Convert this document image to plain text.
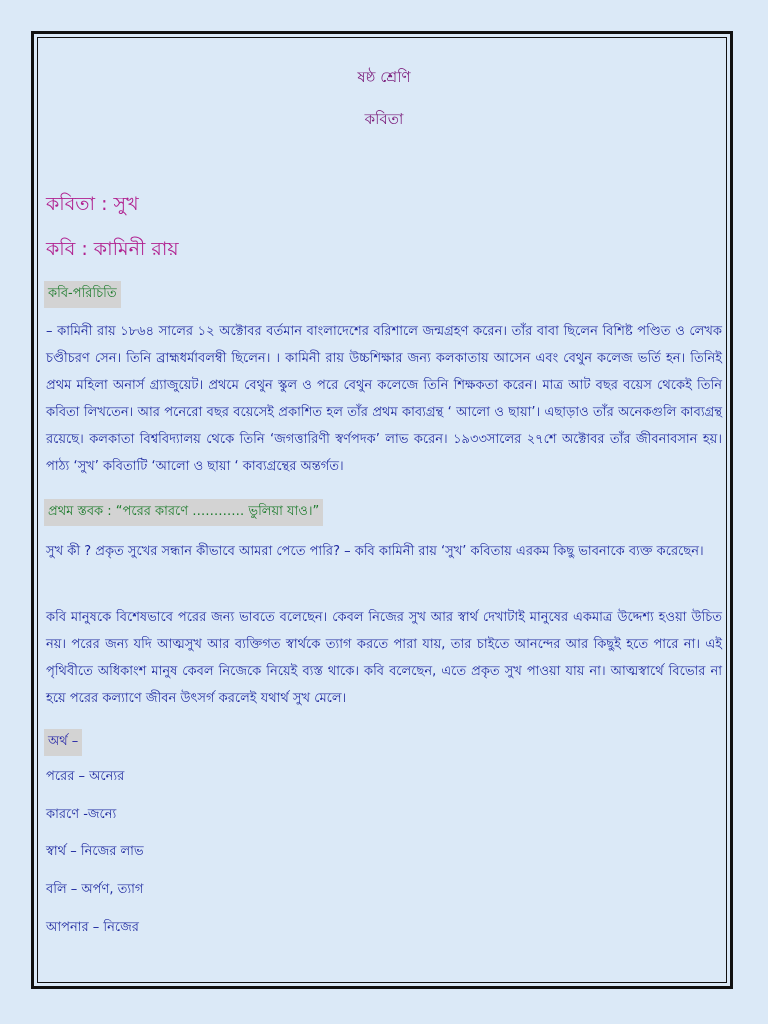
ষষ্ঠ শ্রেণি
কবিতা
কবিতা : সুখ
কবি : কামিনী রায়
কবি-পরিচিতি
– কামিনী রায় ১৮৬৪ সালের ১২ অক্টোবর বর্তমান বাংলাদেশের বরিশালে জন্মগ্রহণ করেন। তাঁর বাবা ছিলেন বিশিষ্ট পণ্ডিত ও লেখক চণ্ডীচরণ সেন। তিনি ব্রাহ্মধর্মাবলম্বী ছিলেন। । কামিনী রায় উচ্চশিক্ষার জন্য কলকাতায় আসেন এবং বেথুন কলেজ ভর্তি হন। তিনিই প্রথম মহিলা অনার্স গ্র্যাজুয়েট। প্রথমে বেথুন স্কুল ও পরে বেথুন কলেজে তিনি শিক্ষকতা করেন। মাত্র আট বছর বয়েস থেকেই তিনি কবিতা লিখতেন। আর পনেরো বছর বয়েসেই প্রকাশিত হল তাঁর প্রথম কাব্যগ্রন্থ ‘ আলো ও ছায়া’। এছাড়াও তাঁর অনেকগুলি কাব্যগ্রন্থ রয়েছে। কলকাতা বিশ্ববিদ্যালয় থেকে তিনি ‘জগত্তারিণী স্বর্ণপদক’ লাভ করেন। ১৯৩৩সালের ২৭শে অক্টোবর তাঁর জীবনাবসান হয়। পাঠ্য ‘সুখ’ কবিতাটি ‘আলো ও ছায়া ‘ কাব্যগ্রন্থের অন্তর্গত।
প্রথম স্তবক : “পরের কারণে ………… ভুলিয়া যাও।”
সুখ কী ? প্রকৃত সুখের সন্ধান কীভাবে আমরা পেতে পারি? – কবি কামিনী রায় ‘সুখ’ কবিতায় এরকম কিছু ভাবনাকে ব্যক্ত করেছেন।
কবি মানুষকে বিশেষভাবে পরের জন্য ভাবতে বলেছেন। কেবল নিজের সুখ আর স্বার্থ দেখাটাই মানুষের একমাত্র উদ্দেশ্য হওয়া উচিত নয়। পরের জন্য যদি আত্মসুখ আর ব্যক্তিগত স্বার্থকে ত্যাগ করতে পারা যায়, তার চাইতে আনন্দের আর কিছুই হতে পারে না। এই পৃথিবীতে অধিকাংশ মানুষ কেবল নিজেকে নিয়েই ব্যস্ত থাকে। কবি বলেছেন, এতে প্রকৃত সুখ পাওয়া যায় না। আত্মস্বার্থে বিভোর না হয়ে পরের কল্যাণে জীবন উৎসর্গ করলেই যথার্থ সুখ মেলে।
অর্থ –
পরের – অন্যের
কারণে -জন্যে
স্বার্থ – নিজের লাভ
বলি – অর্পণ, ত্যাগ
আপনার – নিজের
